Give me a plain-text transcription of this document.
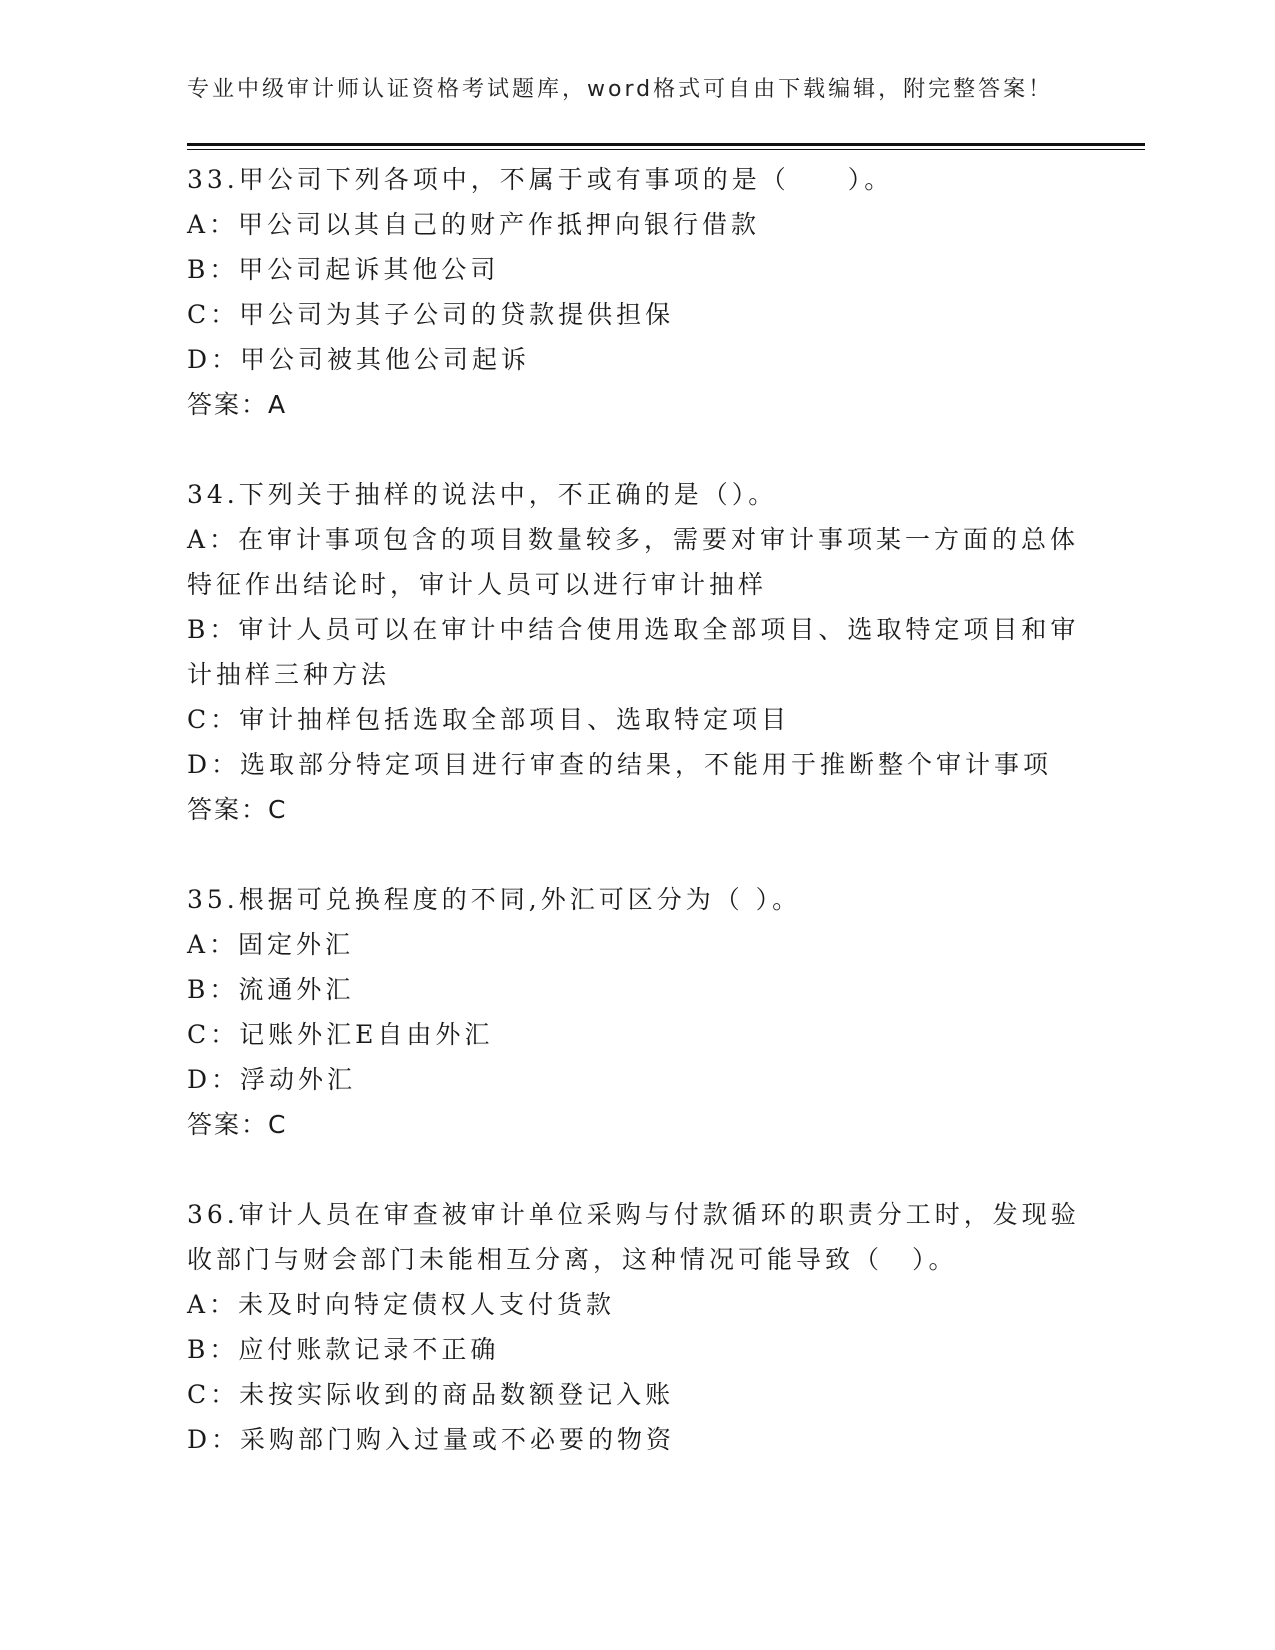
专业中级审计师认证资格考试题库，word格式可自由下载编辑，附完整答案！
33.甲公司下列各项中，不属于或有事项的是（　　）。
A：甲公司以其自己的财产作抵押向银行借款
B：甲公司起诉其他公司
C：甲公司为其子公司的贷款提供担保
D：甲公司被其他公司起诉
答案：A
34.下列关于抽样的说法中，不正确的是（）。
A：在审计事项包含的项目数量较多，需要对审计事项某一方面的总体
特征作出结论时，审计人员可以进行审计抽样
B：审计人员可以在审计中结合使用选取全部项目、选取特定项目和审
计抽样三种方法
C：审计抽样包括选取全部项目、选取特定项目
D：选取部分特定项目进行审查的结果，不能用于推断整个审计事项
答案：C
35.根据可兑换程度的不同,外汇可区分为（ ）。
A：固定外汇
B：流通外汇
C：记账外汇E自由外汇
D：浮动外汇
答案：C
36.审计人员在审查被审计单位采购与付款循环的职责分工时，发现验
收部门与财会部门未能相互分离，这种情况可能导致（　）。
A：未及时向特定债权人支付货款
B：应付账款记录不正确
C：未按实际收到的商品数额登记入账
D：采购部门购入过量或不必要的物资
